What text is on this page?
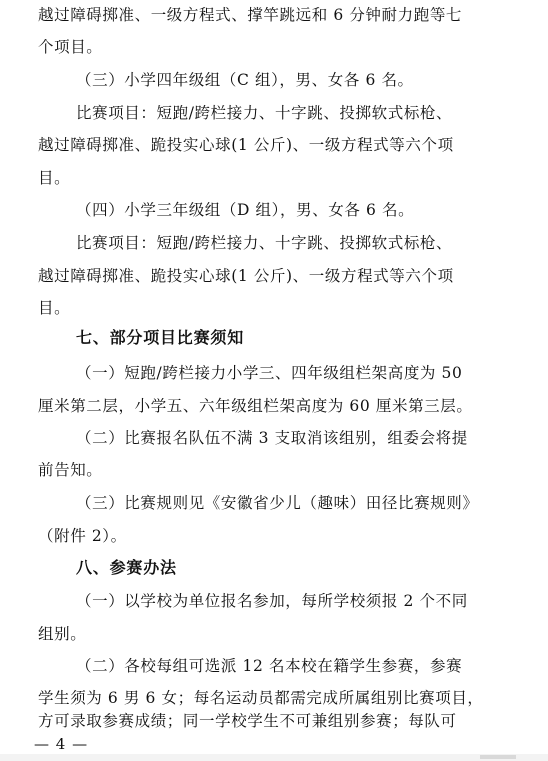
越过障碍掷准、一级方程式、撑竿跳远和 6 分钟耐力跑等七
个项目。
（三）小学四年级组（C 组），男、女各 6 名。
比赛项目：短跑/跨栏接力、十字跳、投掷软式标枪、
越过障碍掷准、跪投实心球(1 公斤)、一级方程式等六个项
目。
（四）小学三年级组（D 组），男、女各 6 名。
比赛项目：短跑/跨栏接力、十字跳、投掷软式标枪、
越过障碍掷准、跪投实心球(1 公斤)、一级方程式等六个项
目。
七、部分项目比赛须知
（一）短跑/跨栏接力小学三、四年级组栏架高度为 50
厘米第二层，小学五、六年级组栏架高度为 60 厘米第三层。
（二）比赛报名队伍不满 3 支取消该组别，组委会将提
前告知。
（三）比赛规则见《安徽省少儿（趣味）田径比赛规则》
（附件 2）。
八、参赛办法
（一）以学校为单位报名参加，每所学校须报 2 个不同
组别。
（二）各校每组可选派 12 名本校在籍学生参赛，参赛
学生须为 6 男 6 女；每名运动员都需完成所属组别比赛项目，
方可录取参赛成绩；同一学校学生不可兼组别参赛；每队可
— 4 —
